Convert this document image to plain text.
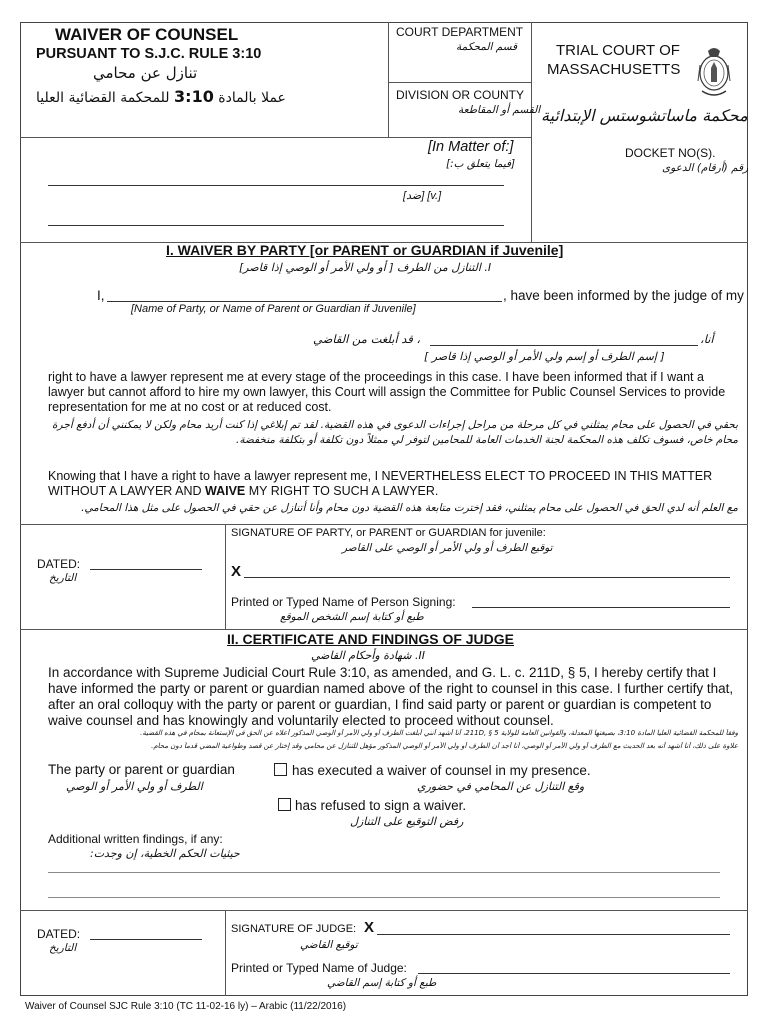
WAIVER OF COUNSEL
PURSUANT TO S.J.C. RULE 3:10
تنازل عن محامي
عملا بالمادة 3:10 للمحكمة القضائية العليا
COURT DEPARTMENT
قسم المحكمة
DIVISION OR COUNTY
القسم أو المقاطعة
TRIAL COURT OF
MASSACHUSETTS
محكمة ماساتشوستس الإبتدائية
[In Matter of:]
[فيما يتعلق ب:]
[ضد] [v.]
DOCKET NO(S).
رقم (أرقام) الدعوى
I. WAIVER BY PARTY [or PARENT or GUARDIAN if Juvenile]
I. التنازل من الطرف [ أو ولي الأمر أو الوصي إذا قاصر]
I,	, have been informed by the judge of my
[Name of Party, or Name of Parent or Guardian if Juvenile]
أنا،
، قد أبلغت من القاضي
[ إسم الطرف أو إسم ولي الأمر أو الوصي إذا قاصر ]
right to have a lawyer represent me at every stage of the proceedings in this case. I have been informed that if I want a lawyer but cannot afford to hire my own lawyer, this Court will assign the Committee for Public Counsel Services to provide representation for me at no cost or at reduced cost.
بحقي في الحصول على محام يمثلني في كل مرحلة من مراحل إجراءات الدعوى في هذه القضية. لقد تم إبلاغي إذا كنت أريد محام ولكن لا يمكنني أن أدفع أجرة محام خاص، فسوف تكلف هذه المحكمة لجنة الخدمات العامة للمحامين لتوفر لي ممثلاً دون تكلفة أو بتكلفة منخفضة.
Knowing that I have a right to have a lawyer represent me, I NEVERTHELESS ELECT TO PROCEED IN THIS MATTER WITHOUT A LAWYER AND WAIVE MY RIGHT TO SUCH A LAWYER.
مع العلم أنه لدي الحق في الحصول على محام يمثلني، فقد إخترت متابعة هذه القضية دون محام وأنا أتنازل عن حقي في الحصول على مثل هذا المحامي.
DATED:
التاريخ
SIGNATURE OF PARTY, or PARENT or GUARDIAN for juvenile:
توقيع الطرف أو ولي الأمر أو الوصي على القاصر
X
Printed or Typed Name of Person Signing:
طبع أو كتابة إسم الشخص الموقع
II. CERTIFICATE AND FINDINGS OF JUDGE
II. شهادة وأحكام القاضي
In accordance with Supreme Judicial Court Rule 3:10, as amended, and G. L. c. 211D, § 5, I hereby certify that I have informed the party or parent or guardian named above of the right to counsel in this case. I further certify that, after an oral colloquy with the party or parent or guardian, I find said party or parent or guardian is competent to waive counsel and has knowingly and voluntarily elected to proceed without counsel.
وفقاً للمحكمة القضائية العليا المادة 3:10، بصيغتها المعدلة، والقوانين العامة للولاية 211D, § 5، أنا أشهد أنني أبلغت الطرف أو ولي الأمر أو الوصي المذكور أعلاه عن الحق في الإستعانة بمحام في هذه القضية.
علاوة على ذلك، أنا أشهد أنه بعد الحديث مع الطرف أو ولي الأمر أو الوصي، أنا أجد أن الطرف أو ولي الأمر أو الوصي المذكور مؤهل للتنازل عن محامي وقد إختار عن قصد وطواعية المضي قدماً دون محام.
The party or parent or guardian
الطرف أو ولي الأمر أو الوصي
has executed a waiver of counsel in my presence.
وقع التنازل عن المحامي في حضوري
has refused to sign a waiver.
رفض التوقيع على التنازل
Additional written findings, if any:
حيثيات الحكم الخطية، إن وجدت:
DATED:
التاريخ
SIGNATURE OF JUDGE: X
توقيع القاضي
Printed or Typed Name of Judge:
طبع أو كتابة إسم القاضي
Waiver of Counsel SJC Rule 3:10 (TC 11-02-16 ly) – Arabic (11/22/2016)
